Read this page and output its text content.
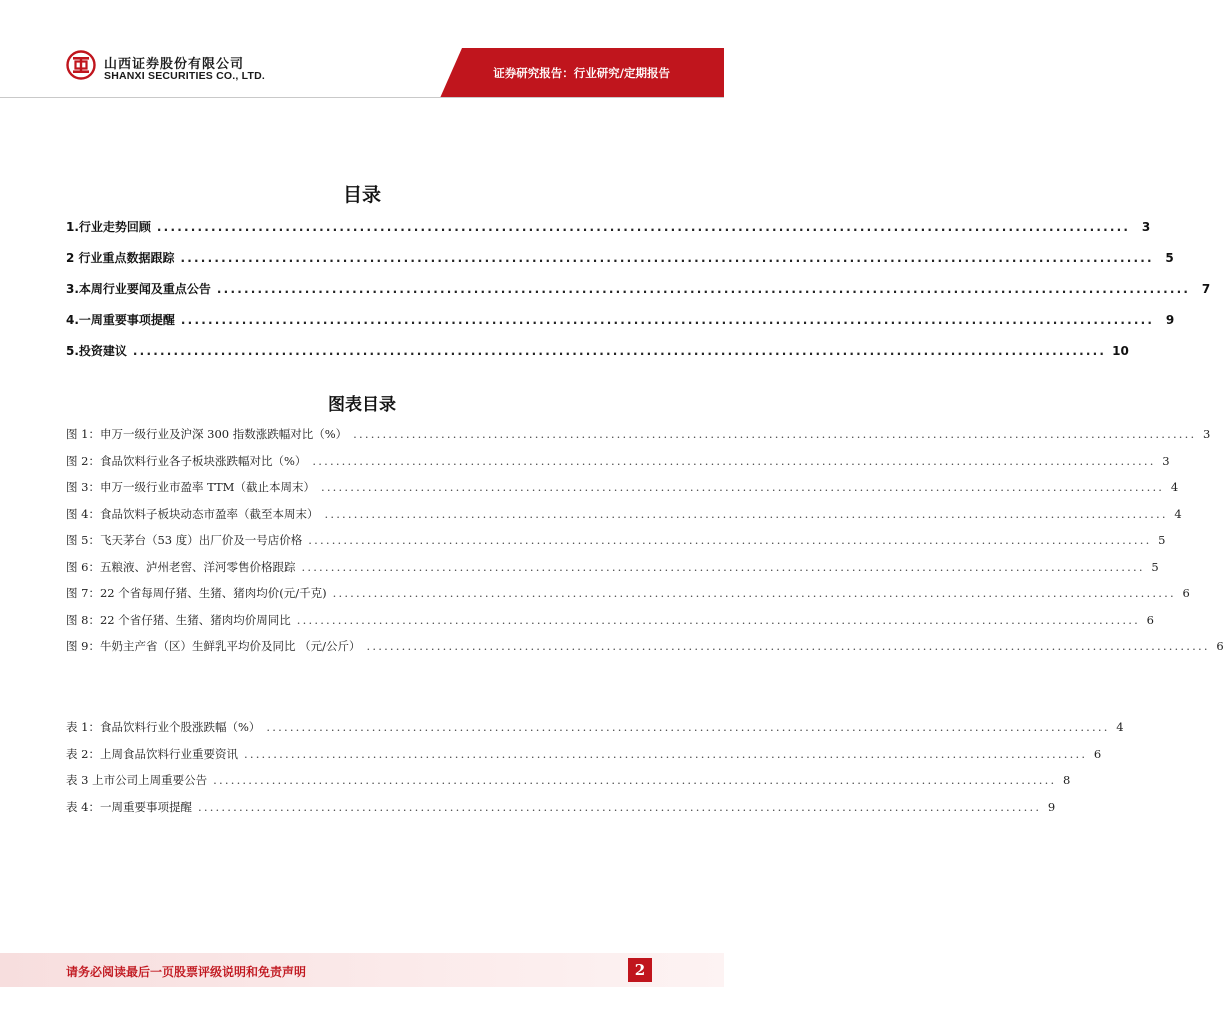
山西证券股份有限公司
SHANXI SECURITIES CO., LTD.	证券研究报告：行业研究/定期报告
目录
1.行业走势回顾 ................................................................................................................................................ 3
2 行业重点数据跟踪 ................................................................................................................................................ 5
3.本周行业要闻及重点公告 ................................................................................................................................................ 7
4.一周重要事项提醒 ................................................................................................................................................ 9
5.投资建议 ................................................................................................................................................ 10
图表目录
图 1：申万一级行业及沪深 300 指数涨跌幅对比（%） ................................................................................................................................................ 3
图 2：食品饮料行业各子板块涨跌幅对比（%） ................................................................................................................................................ 3
图 3：申万一级行业市盈率 TTM（截止本周末） ................................................................................................................................................ 4
图 4：食品饮料子板块动态市盈率（截至本周末） ................................................................................................................................................ 4
图 5：飞天茅台（53 度）出厂价及一号店价格 ................................................................................................................................................ 5
图 6：五粮液、泸州老窖、洋河零售价格跟踪 ................................................................................................................................................ 5
图 7：22 个省每周仔猪、生猪、猪肉均价(元/千克) ................................................................................................................................................ 6
图 8：22 个省仔猪、生猪、猪肉均价周同比 ................................................................................................................................................ 6
图 9：牛奶主产省（区）生鲜乳平均价及同比 （元/公斤） ................................................................................................................................................ 6
表 1：食品饮料行业个股涨跌幅（%） ................................................................................................................................................ 4
表 2：上周食品饮料行业重要资讯 ................................................................................................................................................ 6
表 3 上市公司上周重要公告 ................................................................................................................................................ 8
表 4：一周重要事项提醒 ................................................................................................................................................ 9
请务必阅读最后一页股票评级说明和免责声明	2
